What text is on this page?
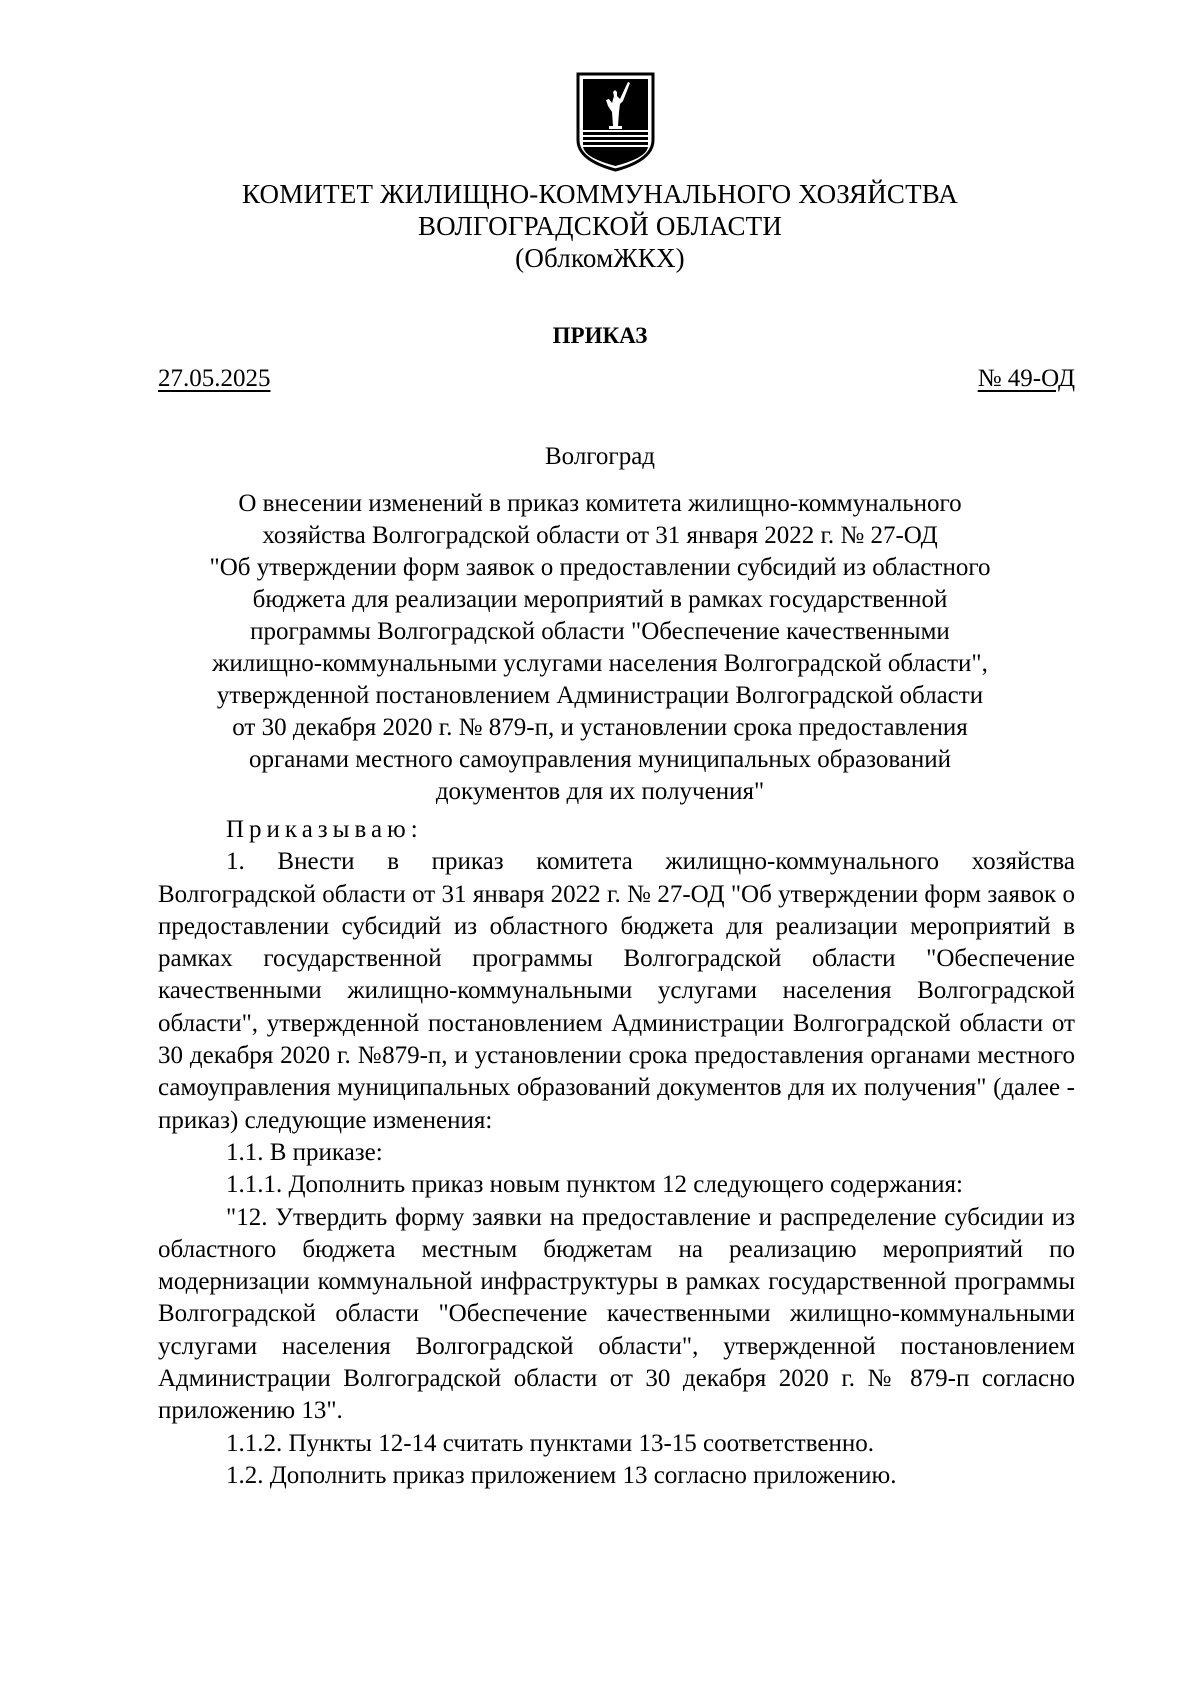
КОМИТЕТ ЖИЛИЩНО-КОММУНАЛЬНОГО ХОЗЯЙСТВА
ВОЛГОГРАДСКОЙ ОБЛАСТИ
(ОблкомЖКХ)
ПРИКАЗ
27.05.2025	№ 49-ОД
Волгоград
О внесении изменений в приказ комитета жилищно-коммунального
хозяйства Волгоградской области от 31 января 2022 г. № 27-ОД
"Об утверждении форм заявок о предоставлении субсидий из областного
бюджета для реализации мероприятий в рамках государственной
программы Волгоградской области "Обеспечение качественными
жилищно-коммунальными услугами населения Волгоградской области",
утвержденной постановлением Администрации Волгоградской области
от 30 декабря 2020 г. № 879-п, и установлении срока предоставления
органами местного самоуправления муниципальных образований
документов для их получения"

Приказываю:

1. Внести в приказ комитета жилищно-коммунального хозяйства Волгоградской области от 31 января 2022 г. № 27-ОД "Об утверждении форм заявок о предоставлении субсидий из областного бюджета для реализации мероприятий в рамках государственной программы Волгоградской области "Обеспечение качественными жилищно-коммунальными услугами населения Волгоградской области", утвержденной постановлением Администрации Волгоградской области от 30 декабря 2020 г. №879-п, и установлении срока предоставления органами местного самоуправления муниципальных образований документов для их получения" (далее - приказ) следующие изменения:

1.1. В приказе:

1.1.1. Дополнить приказ новым пунктом 12 следующего содержания:

"12. Утвердить форму заявки на предоставление и распределение субсидии из областного бюджета местным бюджетам на реализацию мероприятий по модернизации коммунальной инфраструктуры в рамках государственной программы Волгоградской области "Обеспечение качественными жилищно-коммунальными услугами населения Волгоградской области", утвержденной постановлением Администрации Волгоградской области от 30 декабря 2020 г. № 879-п согласно приложению 13".

1.1.2. Пункты 12-14 считать пунктами 13-15 соответственно.

1.2. Дополнить приказ приложением 13 согласно приложению.
